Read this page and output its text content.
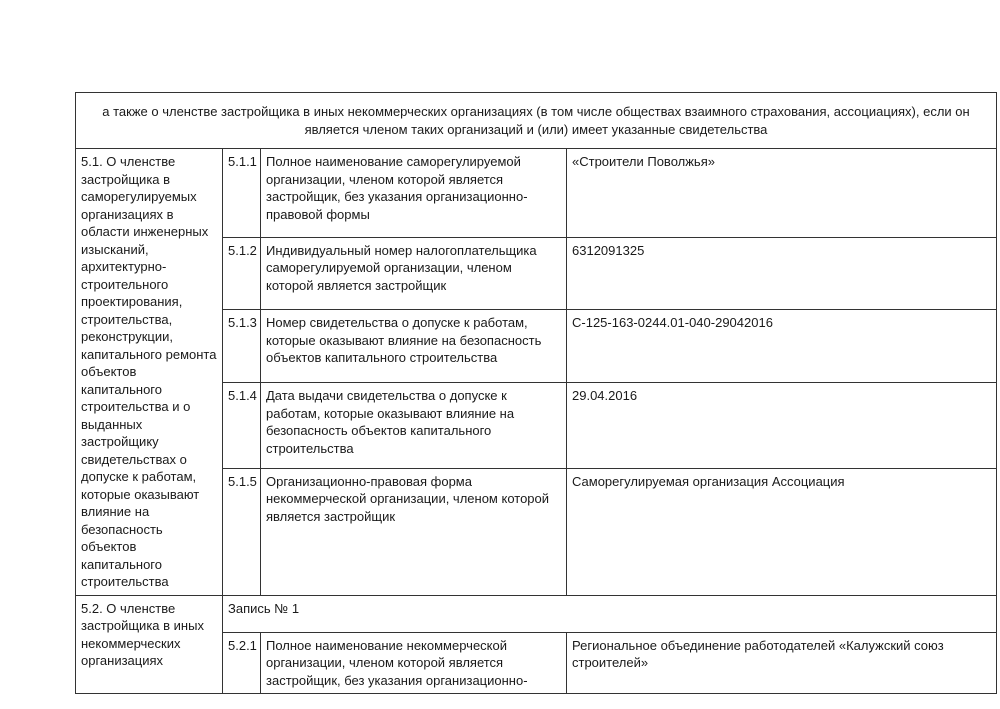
а также о членстве застройщика в иных некоммерческих организациях (в том числе обществах взаимного страхования, ассоциациях), если он является членом таких организаций и (или) имеет указанные свидетельства			
5.1. О членстве застройщика в саморегулируемых организациях в области инженерных изысканий, архитектурно-строительного проектирования, строительства, реконструкции, капитального ремонта объектов капитального строительства и о выданных застройщику свидетельствах о допуске к работам, которые оказывают влияние на безопасность объектов капитального строительства	5.1.1	Полное наименование саморегулируемой организации, членом которой является застройщик, без указания организационно-правовой формы	«Строители Поволжья»
	5.1.2	Индивидуальный номер налогоплательщика саморегулируемой организации, членом которой является застройщик	6312091325
	5.1.3	Номер свидетельства о допуске к работам, которые оказывают влияние на безопасность объектов капитального строительства	С-125-163-0244.01-040-29042016
	5.1.4	Дата выдачи свидетельства о допуске к работам, которые оказывают влияние на безопасность объектов капитального строительства	29.04.2016
	5.1.5	Организационно-правовая форма некоммерческой организации, членом которой является застройщик	Саморегулируемая организация Ассоциация
5.2. О членстве застройщика в иных некоммерческих организациях	Запись № 1		
	5.2.1	Полное наименование некоммерческой организации, членом которой является застройщик, без указания организационно-	Региональное объединение работодателей «Калужский союз строителей»
